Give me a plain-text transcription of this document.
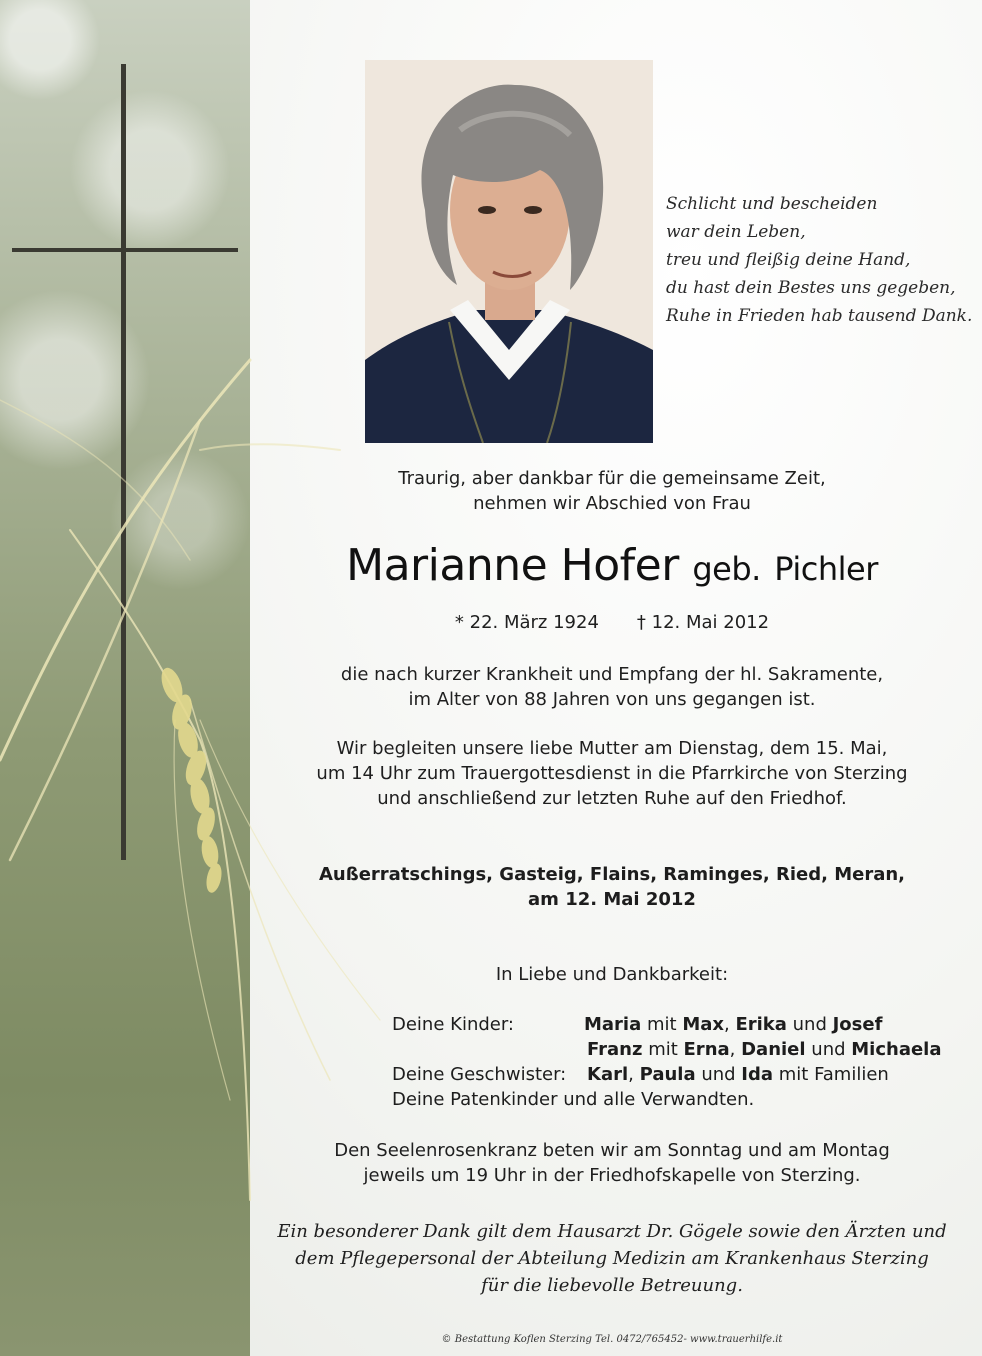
Schlicht und bescheiden
war dein Leben,
treu und fleißig deine Hand,
du hast dein Bestes uns gegeben,
Ruhe in Frieden hab tausend Dank.
Traurig, aber dankbar für die gemeinsame Zeit,
nehmen wir Abschied von Frau
Marianne Hofer geb. Pichler
* 22. März 1924 † 12. Mai 2012
die nach kurzer Krankheit und Empfang der hl. Sakramente,
im Alter von 88 Jahren von uns gegangen ist.
Wir begleiten unsere liebe Mutter am Dienstag, dem 15. Mai,
um 14 Uhr zum Trauergottesdienst in die Pfarrkirche von Sterzing
und anschließend zur letzten Ruhe auf den Friedhof.
Außerratschings, Gasteig, Flains, Raminges, Ried, Meran,
am 12. Mai 2012
In Liebe und Dankbarkeit:
Deine Kinder:	Maria mit Max, Erika und Josef
Franz mit Erna, Daniel und Michaela
Deine Geschwister: Karl, Paula und Ida mit Familien
Deine Patenkinder und alle Verwandten.
Den Seelenrosenkranz beten wir am Sonntag und am Montag
jeweils um 19 Uhr in der Friedhofskapelle von Sterzing.
Ein besonderer Dank gilt dem Hausarzt Dr. Gögele sowie den Ärzten und
dem Pflegepersonal der Abteilung Medizin am Krankenhaus Sterzing
für die liebevolle Betreuung.
© Bestattung Koflen Sterzing Tel. 0472/765452- www.trauerhilfe.it
